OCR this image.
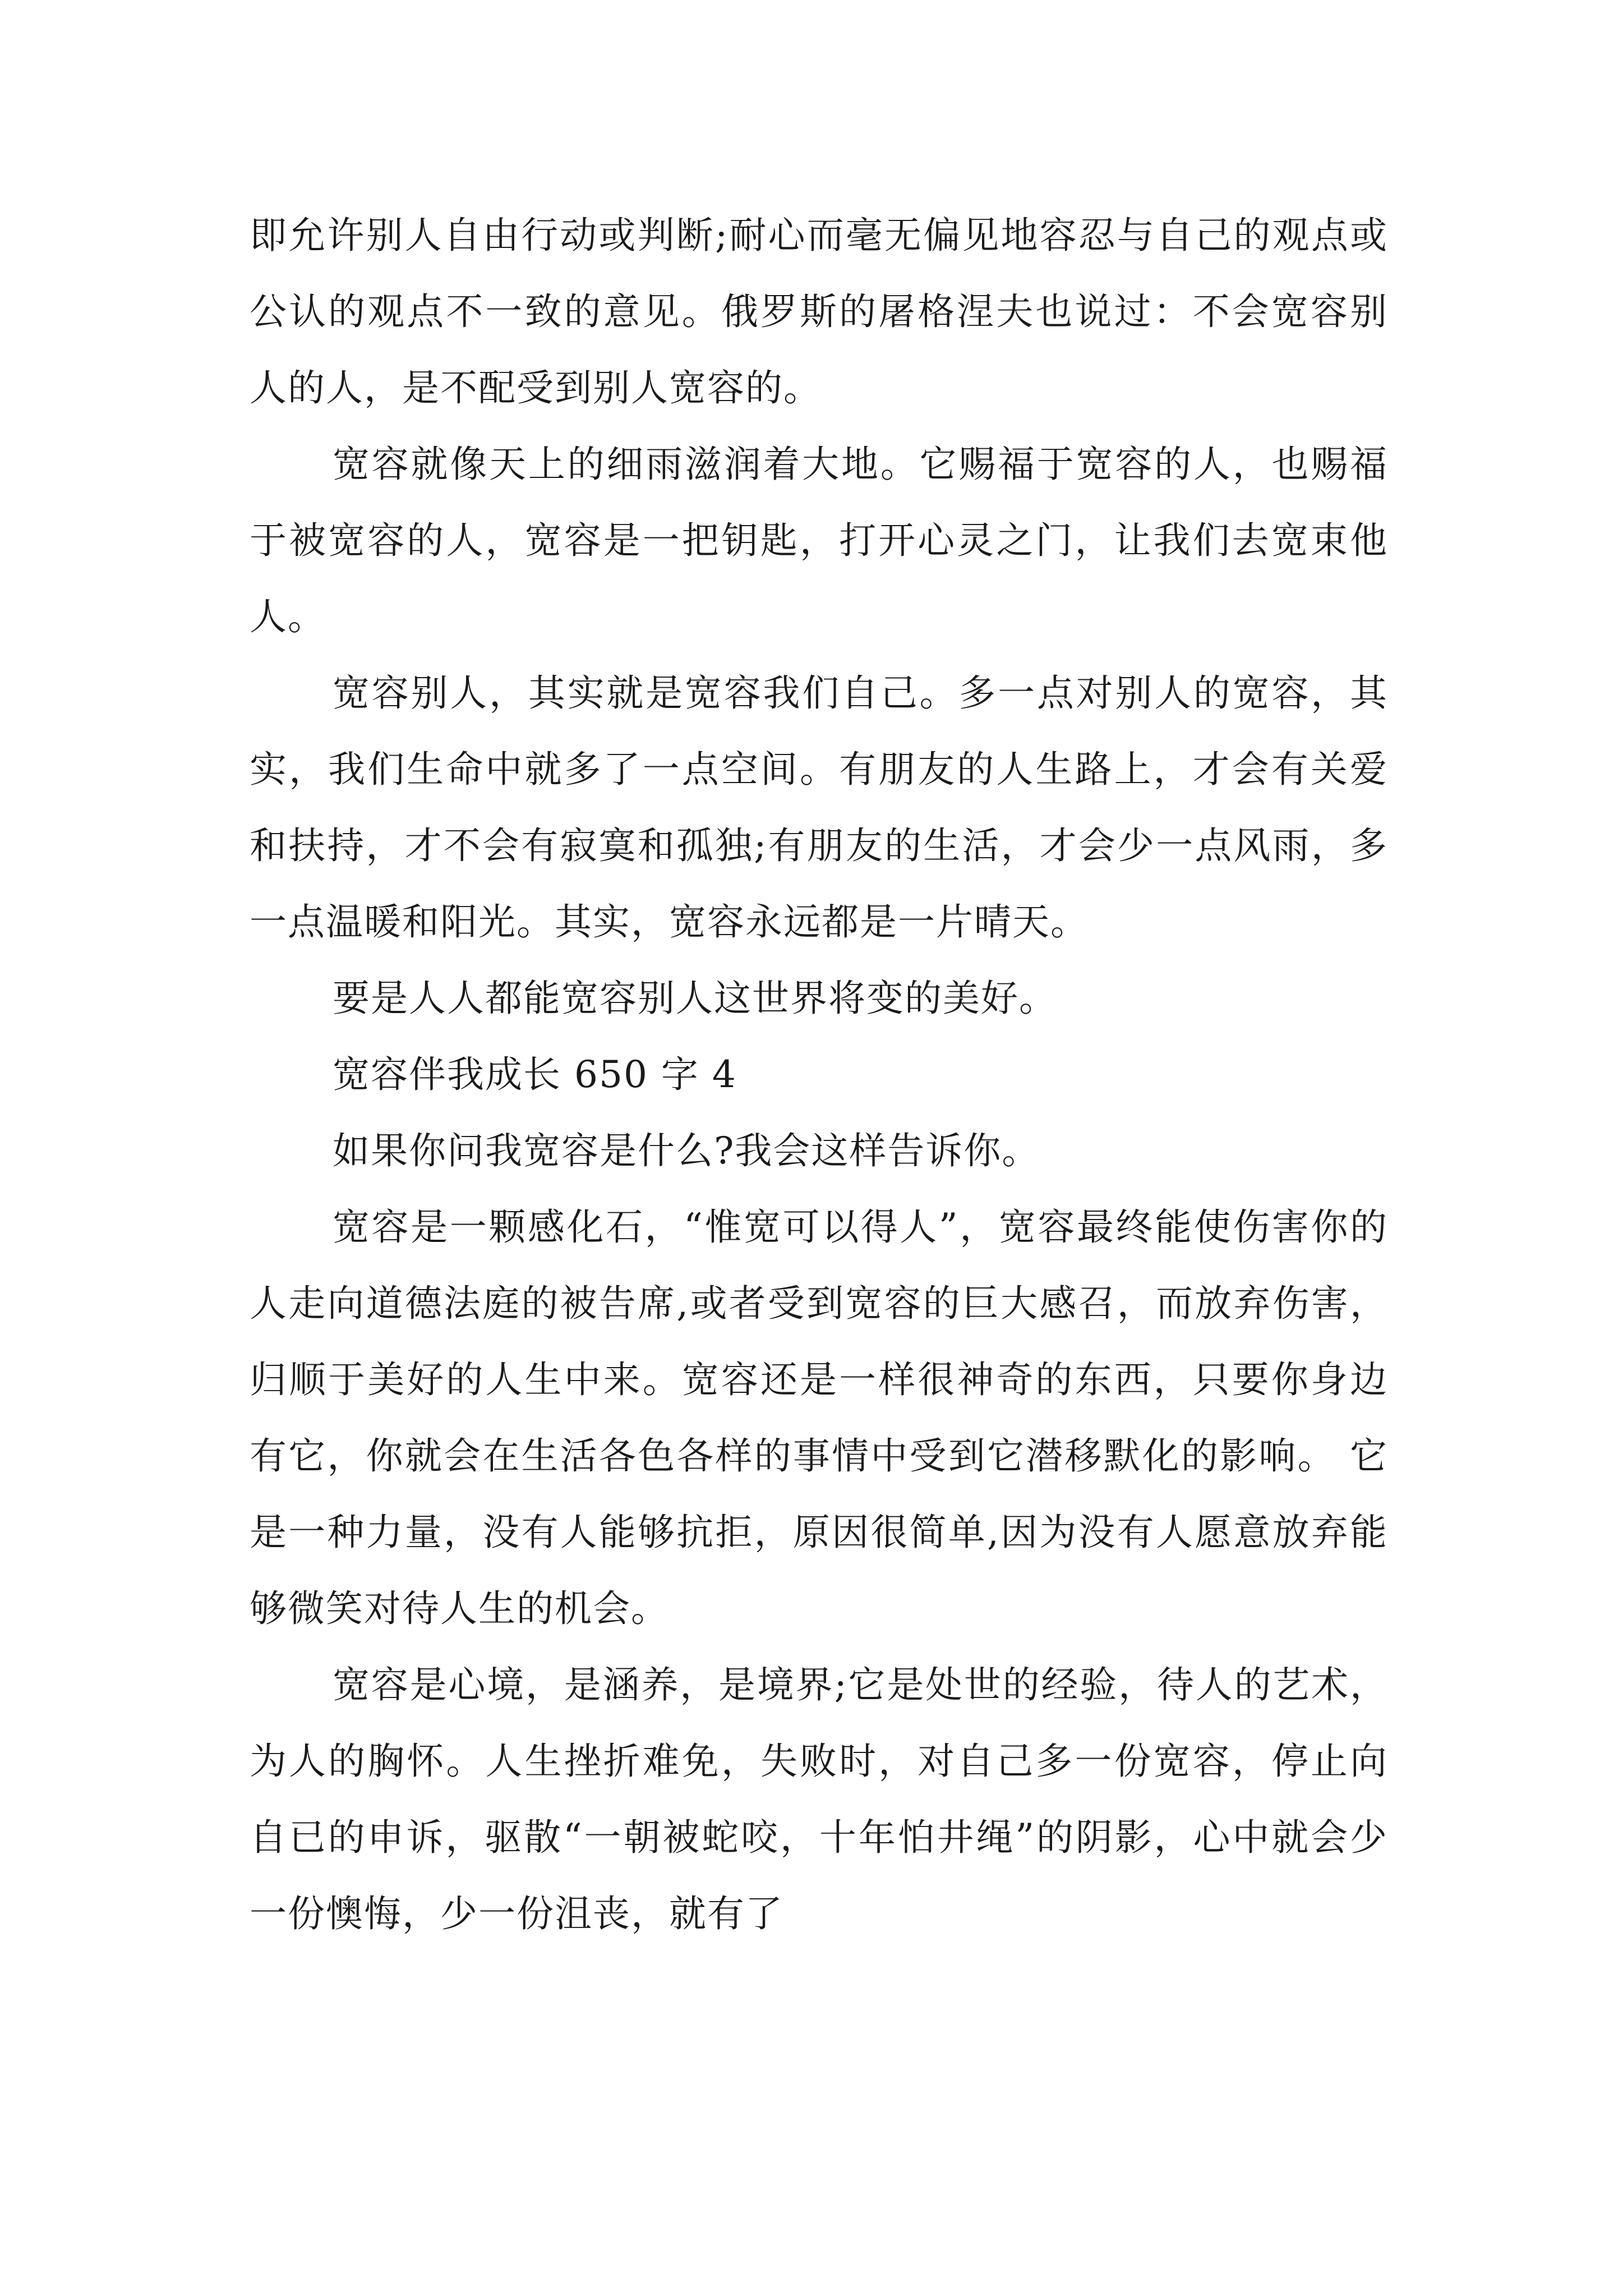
即允许别人自由行动或判断;耐心而毫无偏见地容忍与自己的观点或公认的观点不一致的意见。俄罗斯的屠格涅夫也说过：不会宽容别人的人，是不配受到别人宽容的。

宽容就像天上的细雨滋润着大地。它赐福于宽容的人，也赐福于被宽容的人，宽容是一把钥匙，打开心灵之门，让我们去宽束他人。

宽容别人，其实就是宽容我们自己。多一点对别人的宽容，其实，我们生命中就多了一点空间。有朋友的人生路上，才会有关爱和扶持，才不会有寂寞和孤独;有朋友的生活，才会少一点风雨，多一点温暖和阳光。其实，宽容永远都是一片晴天。

要是人人都能宽容别人这世界将变的美好。

宽容伴我成长 650 字 4

如果你问我宽容是什么?我会这样告诉你。

宽容是一颗感化石，“惟宽可以得人”，宽容最终能使伤害你的人走向道德法庭的被告席,或者受到宽容的巨大感召，而放弃伤害，归顺于美好的人生中来。宽容还是一样很神奇的东西，只要你身边有它，你就会在生活各色各样的事情中受到它潜移默化的影响。 它是一种力量，没有人能够抗拒，原因很简单,因为没有人愿意放弃能够微笑对待人生的机会。

宽容是心境，是涵养，是境界;它是处世的经验，待人的艺术，为人的胸怀。人生挫折难免，失败时，对自己多一份宽容，停止向自已的申诉，驱散“一朝被蛇咬，十年怕井绳”的阴影，心中就会少一份懊悔，少一份沮丧，就有了
